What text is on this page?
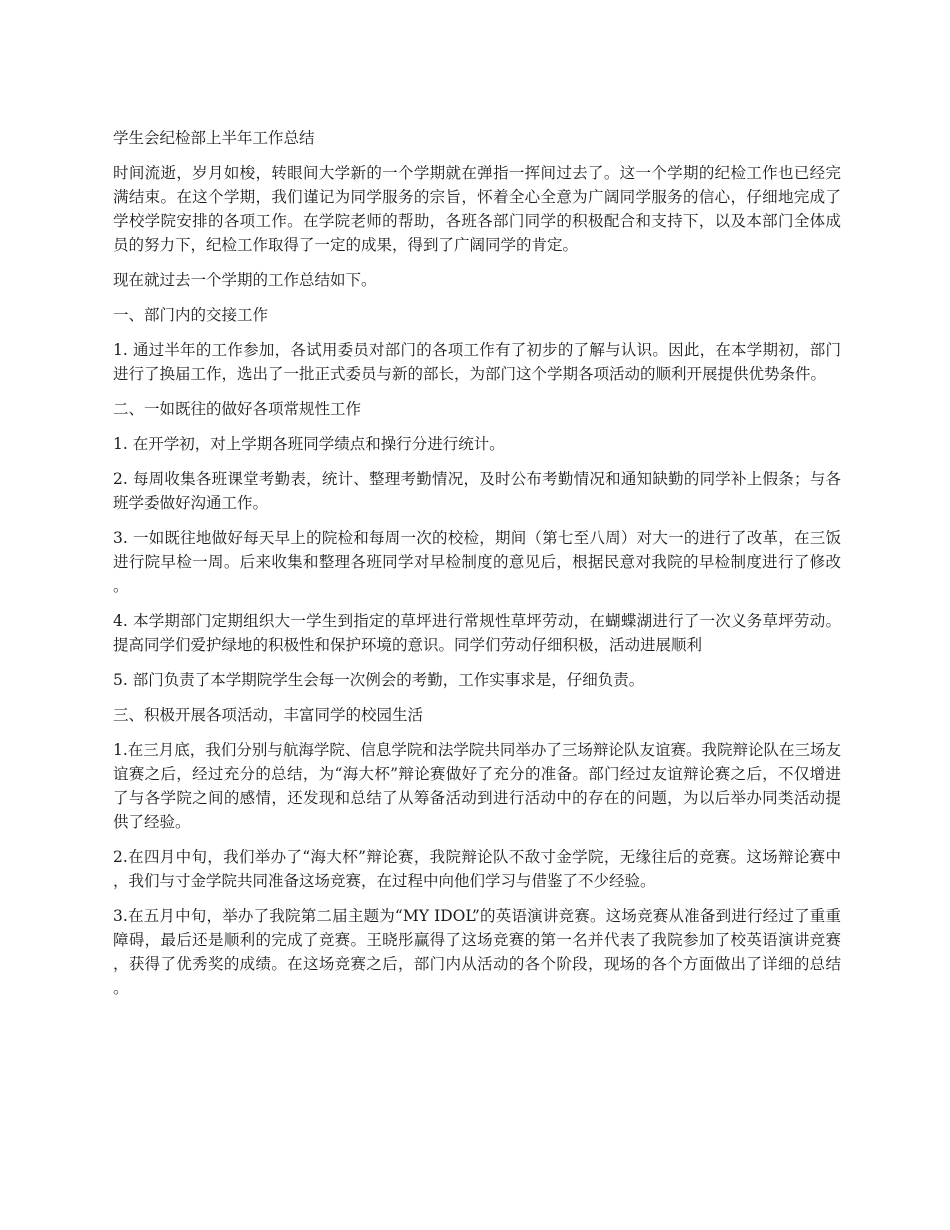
学生会纪检部上半年工作总结

时间流逝，岁月如梭，转眼间大学新的一个学期就在弹指一挥间过去了。这一个学期的纪检工作也已经完满结束。在这个学期，我们谨记为同学服务的宗旨，怀着全心全意为广阔同学服务的信心，仔细地完成了学校学院安排的各项工作。在学院老师的帮助，各班各部门同学的积极配合和支持下，以及本部门全体成员的努力下，纪检工作取得了一定的成果，得到了广阔同学的肯定。

现在就过去一个学期的工作总结如下。

一、部门内的交接工作

1. 通过半年的工作参加，各试用委员对部门的各项工作有了初步的了解与认识。因此，在本学期初，部门进行了换届工作，选出了一批正式委员与新的部长，为部门这个学期各项活动的顺利开展提供优势条件。

二、一如既往的做好各项常规性工作

1. 在开学初，对上学期各班同学绩点和操行分进行统计。

2. 每周收集各班课堂考勤表，统计、整理考勤情况，及时公布考勤情况和通知缺勤的同学补上假条；与各班学委做好沟通工作。

3. 一如既往地做好每天早上的院检和每周一次的校检，期间（第七至八周）对大一的进行了改革，在三饭进行院早检一周。后来收集和整理各班同学对早检制度的意见后，根据民意对我院的早检制度进行了修改。

4. 本学期部门定期组织大一学生到指定的草坪进行常规性草坪劳动，在蝴蝶湖进行了一次义务草坪劳动。提高同学们爱护绿地的积极性和保护环境的意识。同学们劳动仔细积极，活动进展顺利

5. 部门负责了本学期院学生会每一次例会的考勤，工作实事求是，仔细负责。

三、积极开展各项活动，丰富同学的校园生活

1.在三月底，我们分别与航海学院、信息学院和法学院共同举办了三场辩论队友谊赛。我院辩论队在三场友谊赛之后，经过充分的总结，为“海大杯”辩论赛做好了充分的准备。部门经过友谊辩论赛之后，不仅增进了与各学院之间的感情，还发现和总结了从筹备活动到进行活动中的存在的问题，为以后举办同类活动提供了经验。

2.在四月中旬，我们举办了“海大杯”辩论赛，我院辩论队不敌寸金学院，无缘往后的竞赛。这场辩论赛中，我们与寸金学院共同准备这场竞赛，在过程中向他们学习与借鉴了不少经验。

3.在五月中旬，举办了我院第二届主题为“MY IDOL”的英语演讲竞赛。这场竞赛从准备到进行经过了重重障碍，最后还是顺利的完成了竞赛。王晓彤赢得了这场竞赛的第一名并代表了我院参加了校英语演讲竞赛，获得了优秀奖的成绩。在这场竞赛之后，部门内从活动的各个阶段，现场的各个方面做出了详细的总结。
